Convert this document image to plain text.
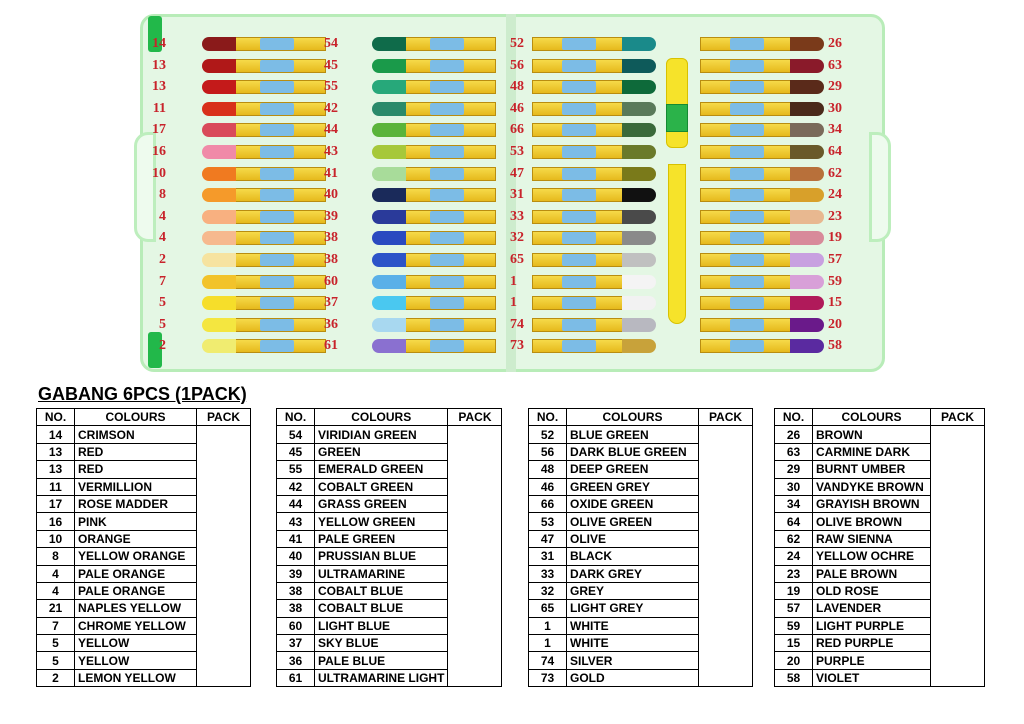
14
13
13
11
17
16
10
8
4
4
2
7
5
5
2
54
45
55
42
44
43
41
40
39
38
38
60
37
36
61
52
56
48
46
66
53
47
31
33
32
65
1
1
74
73
26
63
29
30
34
64
62
24
23
19
57
59
15
20
58
GABANG 6PCS (1PACK)
NO.	COLOURS	PACK
14	CRIMSON	
13	RED	
13	RED	
11	VERMILLION	
17	ROSE MADDER	
16	PINK	
10	ORANGE	
8	YELLOW ORANGE	
4	PALE ORANGE	
4	PALE ORANGE	
21	NAPLES YELLOW	
7	CHROME YELLOW	
5	YELLOW	
5	YELLOW	
2	LEMON YELLOW	
NO.	COLOURS	PACK
54	VIRIDIAN GREEN	
45	GREEN	
55	EMERALD GREEN	
42	COBALT GREEN	
44	GRASS GREEN	
43	YELLOW GREEN	
41	PALE GREEN	
40	PRUSSIAN BLUE	
39	ULTRAMARINE	
38	COBALT BLUE	
38	COBALT BLUE	
60	LIGHT BLUE	
37	SKY BLUE	
36	PALE BLUE	
61	ULTRAMARINE LIGHT	
NO.	COLOURS	PACK
52	BLUE GREEN	
56	DARK BLUE GREEN	
48	DEEP GREEN	
46	GREEN GREY	
66	OXIDE GREEN	
53	OLIVE GREEN	
47	OLIVE	
31	BLACK	
33	DARK GREY	
32	GREY	
65	LIGHT GREY	
1	WHITE	
1	WHITE	
74	SILVER	
73	GOLD	
NO.	COLOURS	PACK
26	BROWN	
63	CARMINE DARK	
29	BURNT UMBER	
30	VANDYKE BROWN	
34	GRAYISH BROWN	
64	OLIVE BROWN	
62	RAW SIENNA	
24	YELLOW OCHRE	
23	PALE BROWN	
19	OLD ROSE	
57	LAVENDER	
59	LIGHT PURPLE	
15	RED PURPLE	
20	PURPLE	
58	VIOLET	
